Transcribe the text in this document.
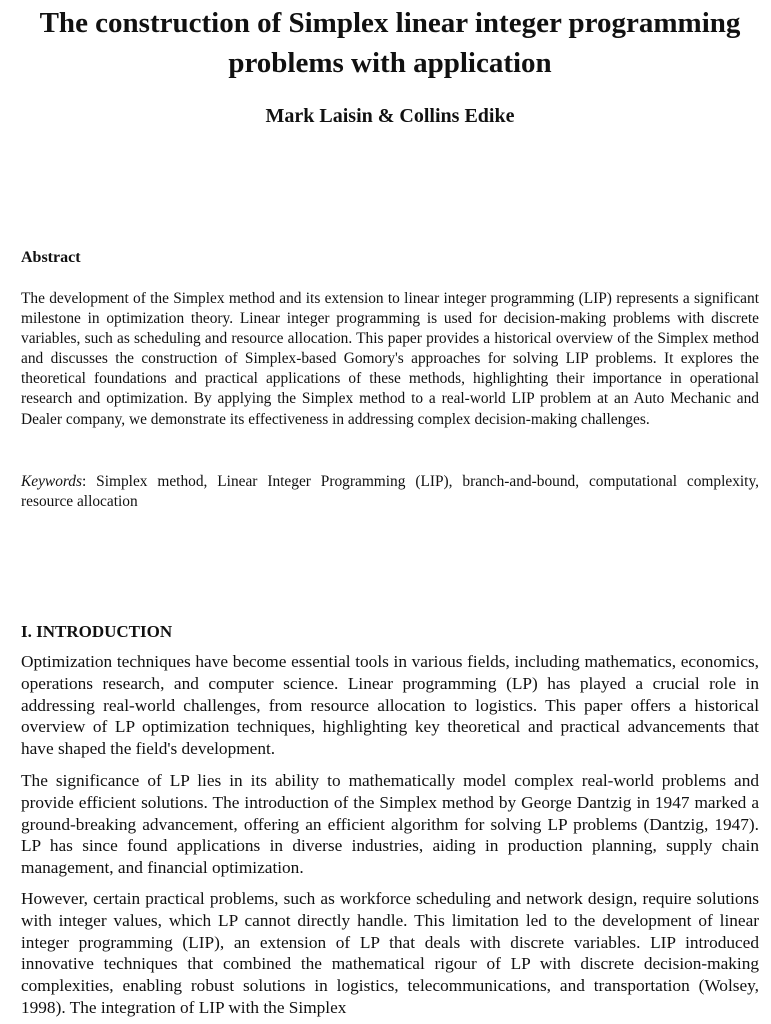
The construction of Simplex linear integer programming problems with application
Mark Laisin & Collins Edike
Abstract

The development of the Simplex method and its extension to linear integer programming (LIP) represents a significant milestone in optimization theory. Linear integer programming is used for decision-making problems with discrete variables, such as scheduling and resource allocation. This paper provides a historical overview of the Simplex method and discusses the construction of Simplex-based Gomory's approaches for solving LIP problems. It explores the theoretical foundations and practical applications of these methods, highlighting their importance in operational research and optimization. By applying the Simplex method to a real-world LIP problem at an Auto Mechanic and Dealer company, we demonstrate its effectiveness in addressing complex decision-making challenges.

Keywords: Simplex method, Linear Integer Programming (LIP), branch-and-bound, computational complexity, resource allocation

I. INTRODUCTION

Optimization techniques have become essential tools in various fields, including mathematics, economics, operations research, and computer science. Linear programming (LP) has played a crucial role in addressing real-world challenges, from resource allocation to logistics. This paper offers a historical overview of LP optimization techniques, highlighting key theoretical and practical advancements that have shaped the field's development.

The significance of LP lies in its ability to mathematically model complex real-world problems and provide efficient solutions. The introduction of the Simplex method by George Dantzig in 1947 marked a ground-breaking advancement, offering an efficient algorithm for solving LP problems (Dantzig, 1947). LP has since found applications in diverse industries, aiding in production planning, supply chain management, and financial optimization.

However, certain practical problems, such as workforce scheduling and network design, require solutions with integer values, which LP cannot directly handle. This limitation led to the development of linear integer programming (LIP), an extension of LP that deals with discrete variables. LIP introduced innovative techniques that combined the mathematical rigour of LP with discrete decision-making complexities, enabling robust solutions in logistics, telecommunications, and transportation (Wolsey, 1998). The integration of LIP with the Simplex
